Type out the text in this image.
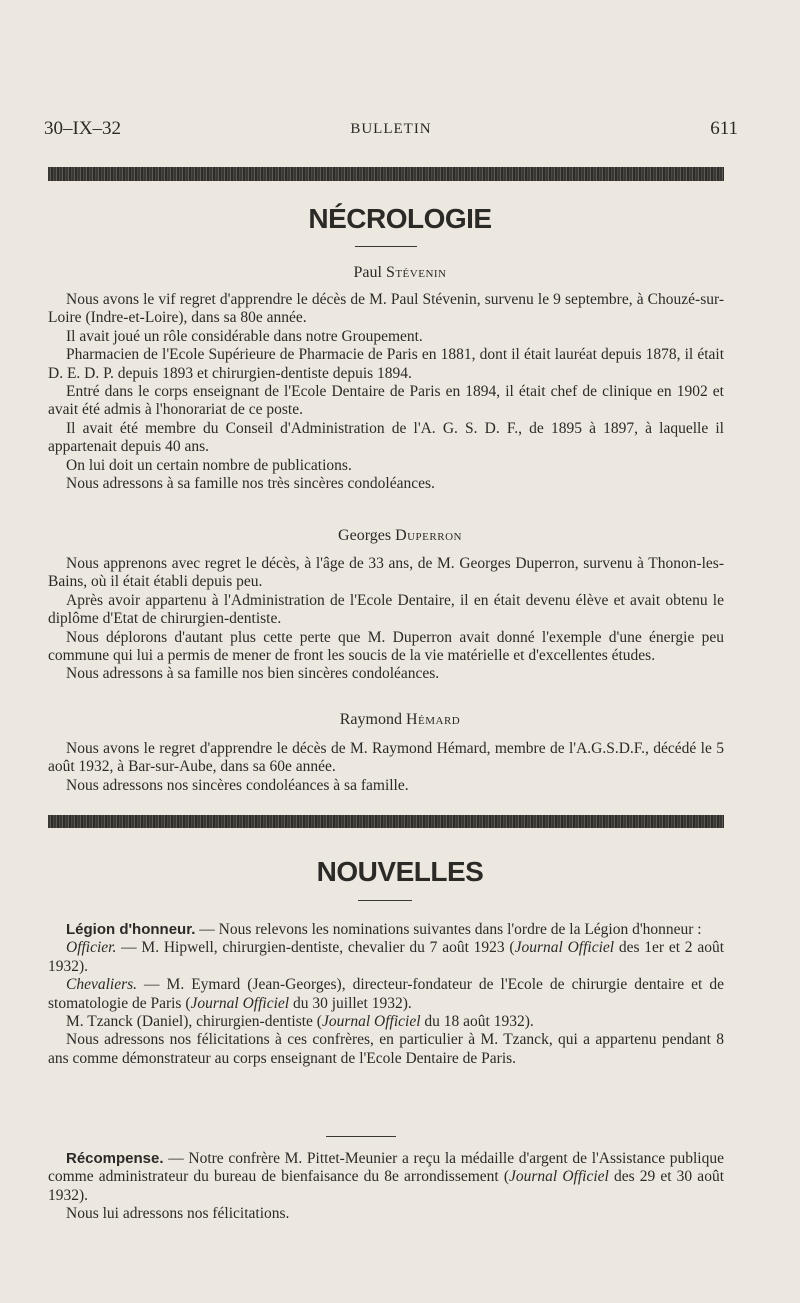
30–IX–32	BULLETIN	611
NÉCROLOGIE
Paul Stévenin

Nous avons le vif regret d'apprendre le décès de M. Paul Stévenin, survenu le 9 septembre, à Chouzé-sur-Loire (Indre-et-Loire), dans sa 80e année.

Il avait joué un rôle considérable dans notre Groupement.

Pharmacien de l'Ecole Supérieure de Pharmacie de Paris en 1881, dont il était lauréat depuis 1878, il était D. E. D. P. depuis 1893 et chirurgien-dentiste depuis 1894.

Entré dans le corps enseignant de l'Ecole Dentaire de Paris en 1894, il était chef de clinique en 1902 et avait été admis à l'honorariat de ce poste.

Il avait été membre du Conseil d'Administration de l'A. G. S. D. F., de 1895 à 1897, à laquelle il appartenait depuis 40 ans.

On lui doit un certain nombre de publications.

Nous adressons à sa famille nos très sincères condoléances.

Georges Duperron

Nous apprenons avec regret le décès, à l'âge de 33 ans, de M. Georges Duperron, survenu à Thonon-les-Bains, où il était établi depuis peu.

Après avoir appartenu à l'Administration de l'Ecole Dentaire, il en était devenu élève et avait obtenu le diplôme d'Etat de chirurgien-dentiste.

Nous déplorons d'autant plus cette perte que M. Duperron avait donné l'exemple d'une énergie peu commune qui lui a permis de mener de front les soucis de la vie matérielle et d'excellentes études.

Nous adressons à sa famille nos bien sincères condoléances.

Raymond Hémard

Nous avons le regret d'apprendre le décès de M. Raymond Hémard, membre de l'A.G.S.D.F., décédé le 5 août 1932, à Bar-sur-Aube, dans sa 60e année.

Nous adressons nos sincères condoléances à sa famille.

NOUVELLES

Légion d'honneur. — Nous relevons les nominations suivantes dans l'ordre de la Légion d'honneur :

Officier. — M. Hipwell, chirurgien-dentiste, chevalier du 7 août 1923 (Journal Officiel des 1er et 2 août 1932).

Chevaliers. — M. Eymard (Jean-Georges), directeur-fondateur de l'Ecole de chirurgie dentaire et de stomatologie de Paris (Journal Officiel du 30 juillet 1932).

M. Tzanck (Daniel), chirurgien-dentiste (Journal Officiel du 18 août 1932).

Nous adressons nos félicitations à ces confrères, en particulier à M. Tzanck, qui a appartenu pendant 8 ans comme démonstrateur au corps enseignant de l'Ecole Dentaire de Paris.

Récompense. — Notre confrère M. Pittet-Meunier a reçu la médaille d'argent de l'Assistance publique comme administrateur du bureau de bienfaisance du 8e arrondissement (Journal Officiel des 29 et 30 août 1932).

Nous lui adressons nos félicitations.
